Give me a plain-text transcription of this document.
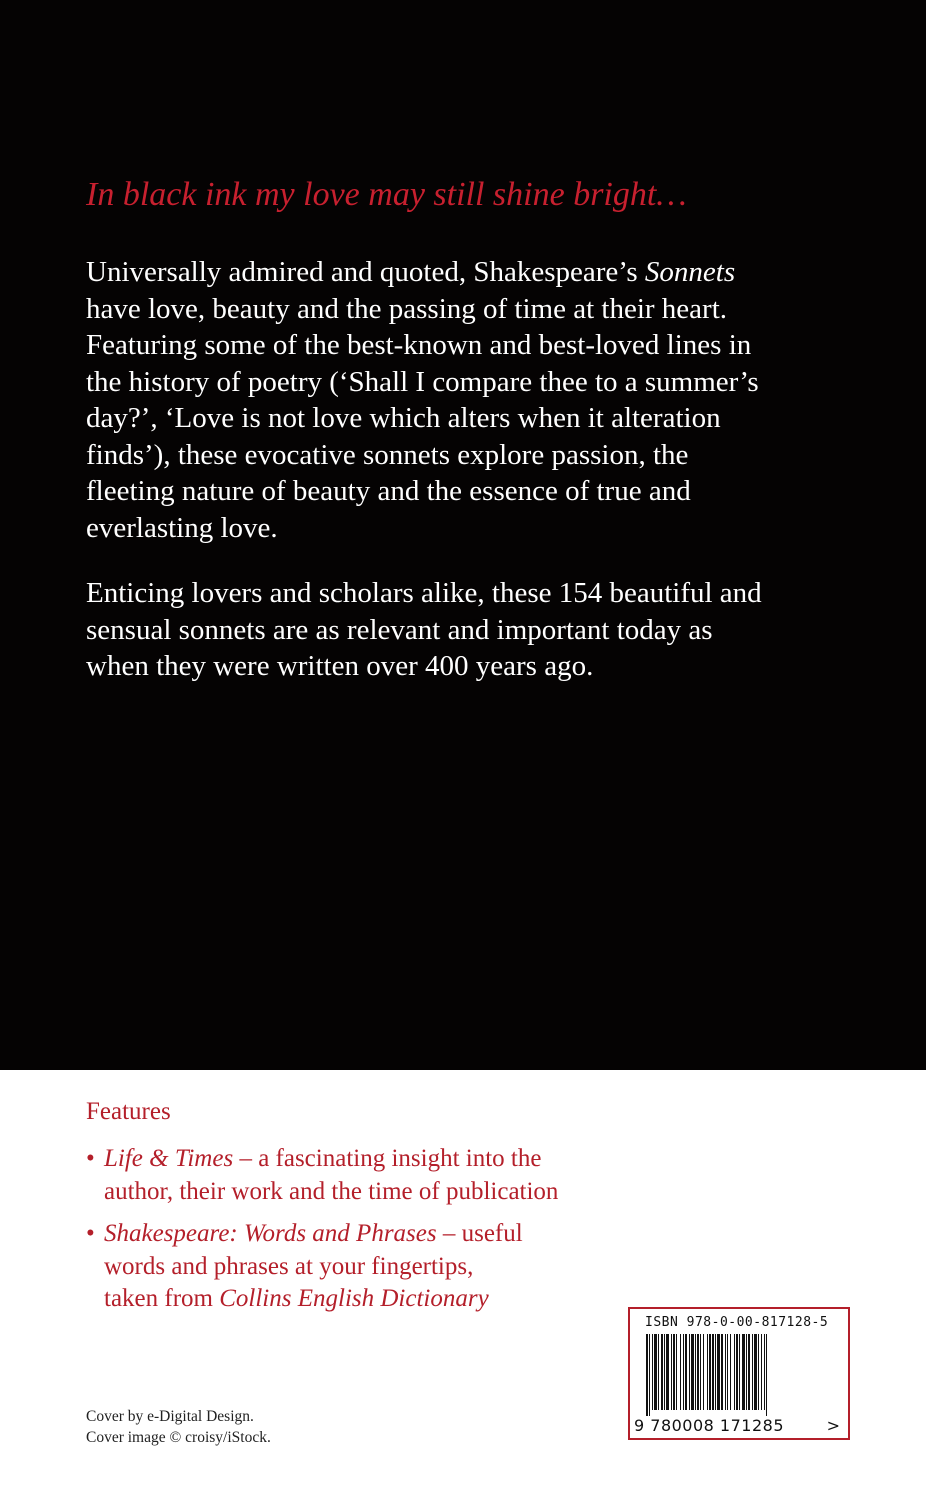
In black ink my love may still shine bright…

Universally admired and quoted, Shakespeare’s Sonnets
have love, beauty and the passing of time at their heart.
Featuring some of the best-known and best-loved lines in
the history of poetry (‘Shall I compare thee to a summer’s
day?’, ‘Love is not love which alters when it alteration
finds’), these evocative sonnets explore passion, the
fleeting nature of beauty and the essence of true and
everlasting love.

Enticing lovers and scholars alike, these 154 beautiful and
sensual sonnets are as relevant and important today as
when they were written over 400 years ago.

Features

• Life & Times – a fascinating insight into the
author, their work and the time of publication

• Shakespeare: Words and Phrases – useful
words and phrases at your fingertips,
taken from Collins English Dictionary

Cover by e-Digital Design.
Cover image © croisy/iStock.
ISBN 978-0-00-817128-5
9 780008 171285	>
